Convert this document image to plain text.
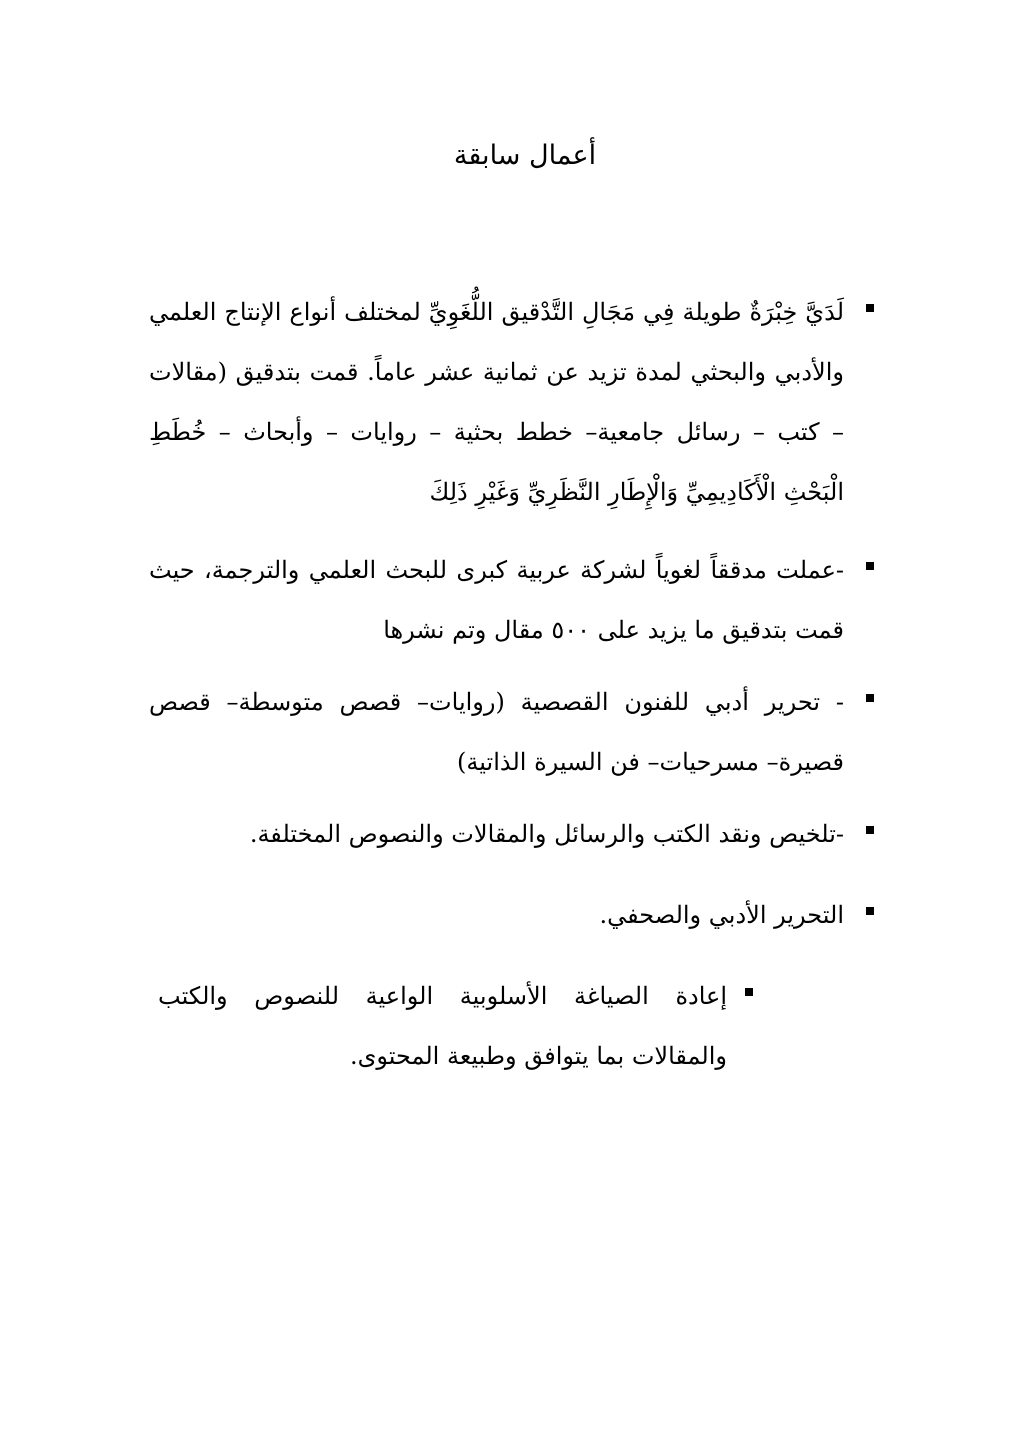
أعمال سابقة
لَدَيَّ خِبْرَةٌ طويلة فِي مَجَالِ التَّدْقيق اللُّغَوِيِّ لمختلف أنواع الإنتاج العلمي والأدبي والبحثي لمدة تزيد عن ثمانية عشر عاماً. قمت بتدقيق (مقالات – كتب – رسائل جامعية– خطط بحثية – روايات – وأبحاث – خُطَطِ الْبَحْثِ الْأَكَادِيمِيِّ وَالْإِطَارِ النَّظَرِيِّ وَغَيْرِ ذَلِكَ
-عملت مدققاً لغوياً لشركة عربية كبرى للبحث العلمي والترجمة، حيث قمت بتدقيق ما يزيد على ٥٠٠ مقال وتم نشرها
- تحرير أدبي للفنون القصصية (روايات– قصص متوسطة– قصص قصيرة– مسرحيات– فن السيرة الذاتية)
-تلخيص ونقد الكتب والرسائل والمقالات والنصوص المختلفة.
التحرير الأدبي والصحفي.
إعادة الصياغة الأسلوبية الواعية للنصوص والكتب والمقالات بما يتوافق وطبيعة المحتوى.
